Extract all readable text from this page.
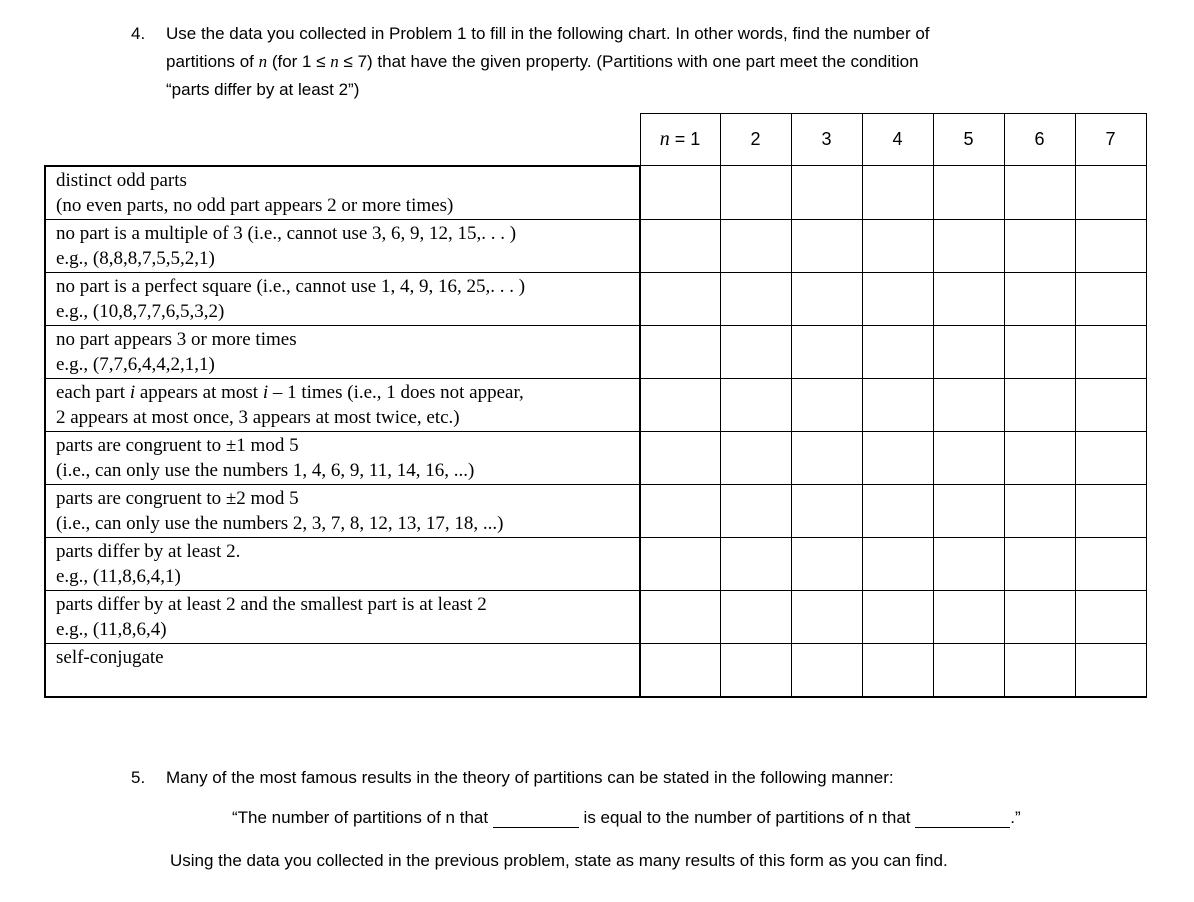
4. Use the data you collected in Problem 1 to fill in the following chart. In other words, find the number of
partitions of n (for 1 ≤ n ≤ 7) that have the given property. (Partitions with one part meet the condition
“parts differ by at least 2”)
	n = 1	2	3	4	5	6	7

distinct odd parts
(no even parts, no odd part appears 2 or more times)							

no part is a multiple of 3 (i.e., cannot use 3, 6, 9, 12, 15,. . . )
e.g., (8,8,8,7,5,5,2,1)							

no part is a perfect square (i.e., cannot use 1, 4, 9, 16, 25,. . . )
e.g., (10,8,7,7,6,5,3,2)							

no part appears 3 or more times
e.g., (7,7,6,4,4,2,1,1)							

each part i appears at most i – 1 times (i.e., 1 does not appear,
2 appears at most once, 3 appears at most twice, etc.)							

parts are congruent to ±1 mod 5
(i.e., can only use the numbers 1, 4, 6, 9, 11, 14, 16, ...)							

parts are congruent to ±2 mod 5
(i.e., can only use the numbers 2, 3, 7, 8, 12, 13, 17, 18, ...)							

parts differ by at least 2.
e.g., (11,8,6,4,1)							

parts differ by at least 2 and the smallest part is at least 2
e.g., (11,8,6,4)							

self-conjugate							

5. Many of the most famous results in the theory of partitions can be stated in the following manner:
“The number of partitions of n that	is equal to the number of partitions of n that	.”
Using the data you collected in the previous problem, state as many results of this form as you can find.
